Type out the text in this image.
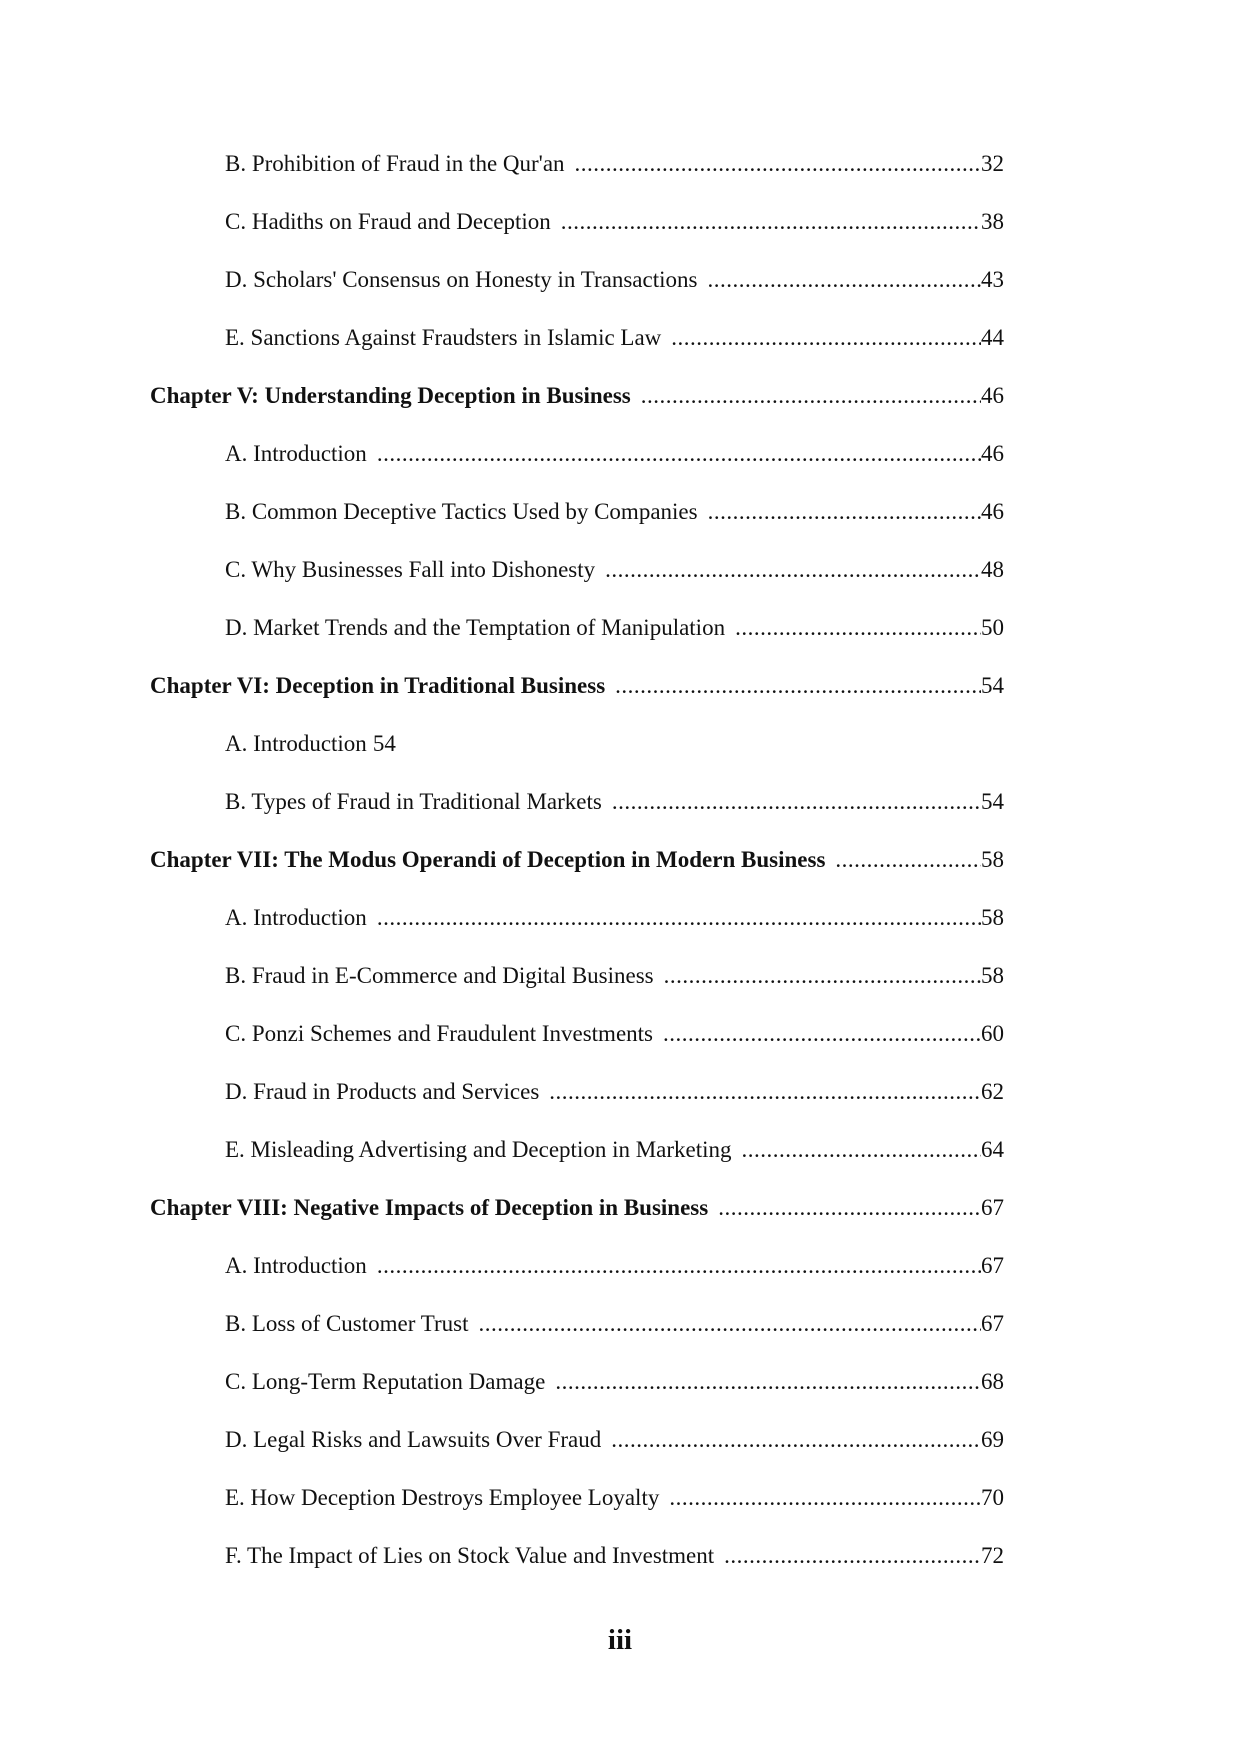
B. Prohibition of Fraud in the Qur'an .....	32
C. Hadiths on Fraud and Deception .....	38
D. Scholars' Consensus on Honesty in Transactions .....	43
E. Sanctions Against Fraudsters in Islamic Law .....	44
Chapter V: Understanding Deception in Business .....	46
A. Introduction .....	46
B. Common Deceptive Tactics Used by Companies .....	46
C. Why Businesses Fall into Dishonesty .....	48
D. Market Trends and the Temptation of Manipulation .....	50
Chapter VI: Deception in Traditional Business .....	54
A. Introduction 54
B. Types of Fraud in Traditional Markets .....	54
Chapter VII: The Modus Operandi of Deception in Modern Business .....	58
A. Introduction .....	58
B. Fraud in E-Commerce and Digital Business .....	58
C. Ponzi Schemes and Fraudulent Investments .....	60
D. Fraud in Products and Services .....	62
E. Misleading Advertising and Deception in Marketing .....	64
Chapter VIII: Negative Impacts of Deception in Business .....	67
A. Introduction .....	67
B. Loss of Customer Trust .....	67
C. Long-Term Reputation Damage .....	68
D. Legal Risks and Lawsuits Over Fraud .....	69
E. How Deception Destroys Employee Loyalty .....	70
F. The Impact of Lies on Stock Value and Investment .....	72
iii
